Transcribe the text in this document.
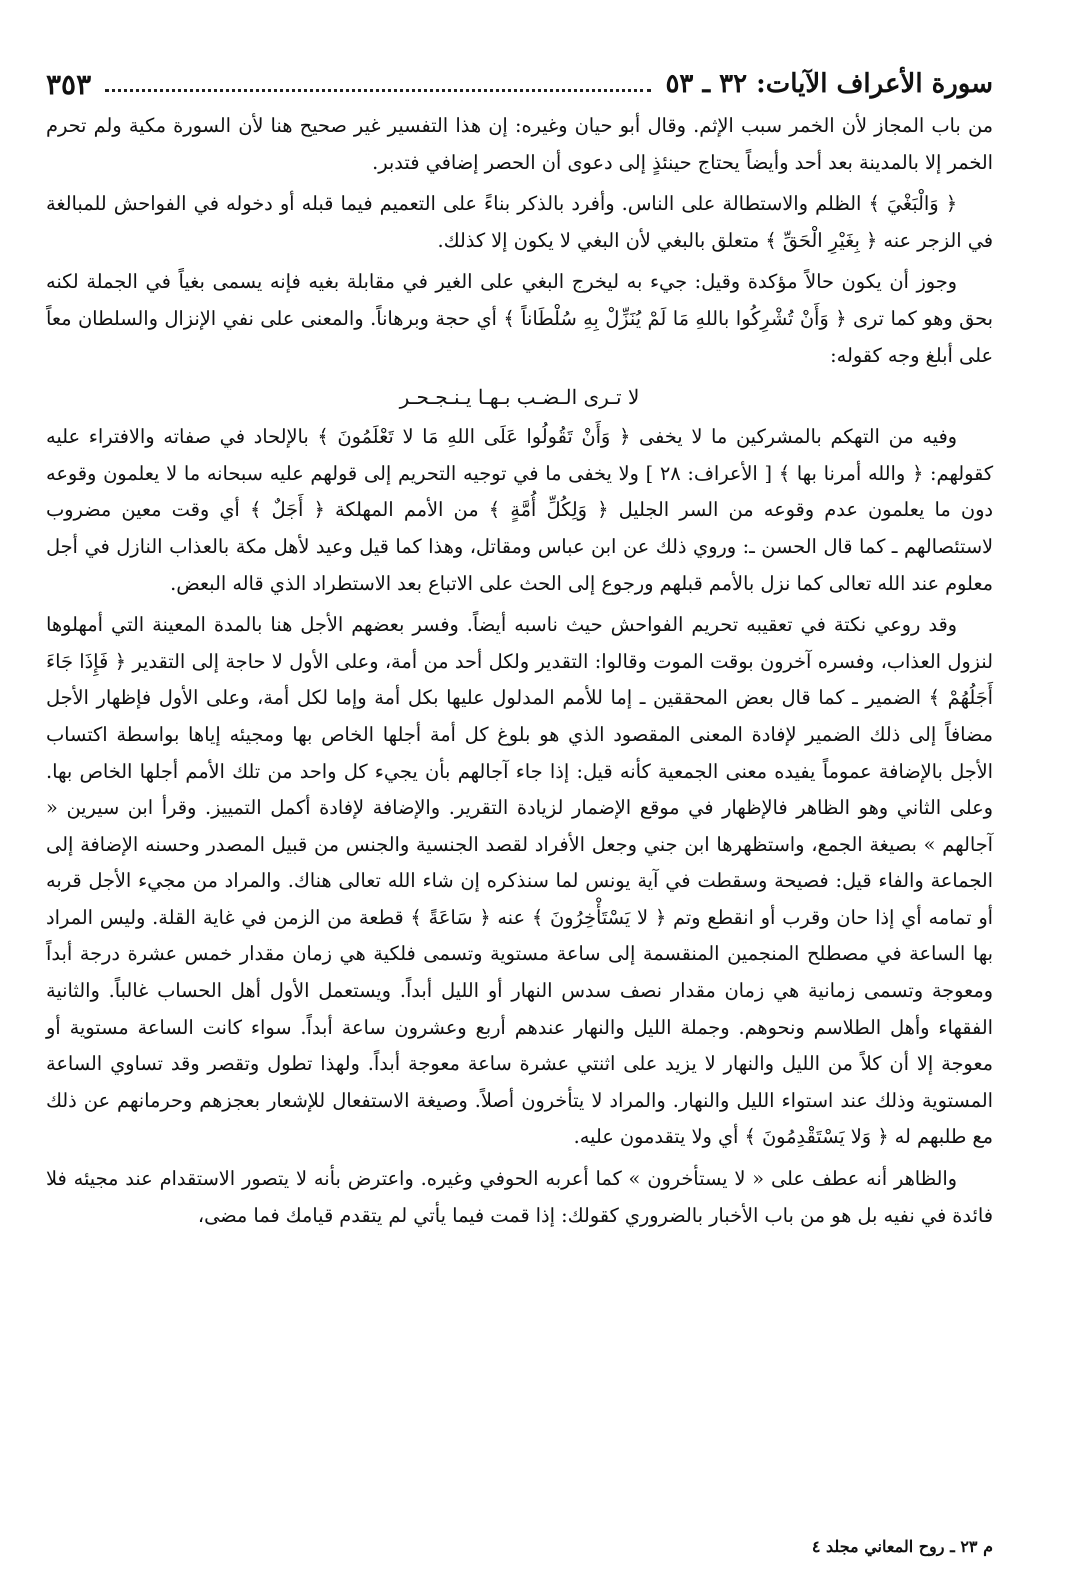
سورة الأعراف الآيات: ٣٢ ـ ٥٣
٣٥٣

من باب المجاز لأن الخمر سبب الإثم. وقال أبو حيان وغيره: إن هذا التفسير غير صحيح هنا لأن السورة مكية ولم تحرم الخمر إلا بالمدينة بعد أحد وأيضاً يحتاج حينئذٍ إلى دعوى أن الحصر إضافي فتدبر.

﴿ وَالْبَغْيَ ﴾ الظلم والاستطالة على الناس. وأفرد بالذكر بناءً على التعميم فيما قبله أو دخوله في الفواحش للمبالغة في الزجر عنه ﴿ بِغَيْرِ الْحَقِّ ﴾ متعلق بالبغي لأن البغي لا يكون إلا كذلك.

وجوز أن يكون حالاً مؤكدة وقيل: جيء به ليخرج البغي على الغير في مقابلة بغيه فإنه يسمى بغياً في الجملة لكنه بحق وهو كما ترى ﴿ وَأَنْ تُشْرِكُوا باللهِ مَا لَمْ يُنَزِّلْ بِهِ سُلْطَاناً ﴾ أي حجة وبرهاناً. والمعنى على نفي الإنزال والسلطان معاً على أبلغ وجه كقوله:

لا تـرى الـضـب بـهـا يـنـجـحـر

وفيه من التهكم بالمشركين ما لا يخفى ﴿ وَأَنْ تَقُولُوا عَلَى اللهِ مَا لا تَعْلَمُونَ ﴾ بالإلحاد في صفاته والافتراء عليه كقولهم: ﴿ والله أمرنا بها ﴾ [ الأعراف: ٢٨ ] ولا يخفى ما في توجيه التحريم إلى قولهم عليه سبحانه ما لا يعلمون وقوعه دون ما يعلمون عدم وقوعه من السر الجليل ﴿ وَلِكُلِّ أُمَّةٍ ﴾ من الأمم المهلكة ﴿ أَجَلٌ ﴾ أي وقت معين مضروب لاستئصالهم ـ كما قال الحسن ـ: وروي ذلك عن ابن عباس ومقاتل، وهذا كما قيل وعيد لأهل مكة بالعذاب النازل في أجل معلوم عند الله تعالى كما نزل بالأمم قبلهم ورجوع إلى الحث على الاتباع بعد الاستطراد الذي قاله البعض.

وقد روعي نكتة في تعقيبه تحريم الفواحش حيث ناسبه أيضاً. وفسر بعضهم الأجل هنا بالمدة المعينة التي أمهلوها لنزول العذاب، وفسره آخرون بوقت الموت وقالوا: التقدير ولكل أحد من أمة، وعلى الأول لا حاجة إلى التقدير ﴿ فَإِذَا جَاءَ أَجَلُهُمْ ﴾ الضمير ـ كما قال بعض المحققين ـ إما للأمم المدلول عليها بكل أمة وإما لكل أمة، وعلى الأول فإظهار الأجل مضافاً إلى ذلك الضمير لإفادة المعنى المقصود الذي هو بلوغ كل أمة أجلها الخاص بها ومجيئه إياها بواسطة اكتساب الأجل بالإضافة عموماً يفيده معنى الجمعية كأنه قيل: إذا جاء آجالهم بأن يجيء كل واحد من تلك الأمم أجلها الخاص بها. وعلى الثاني وهو الظاهر فالإظهار في موقع الإضمار لزيادة التقرير. والإضافة لإفادة أكمل التمييز. وقرأ ابن سيرين « آجالهم » بصيغة الجمع، واستظهرها ابن جني وجعل الأفراد لقصد الجنسية والجنس من قبيل المصدر وحسنه الإضافة إلى الجماعة والفاء قيل: فصيحة وسقطت في آية يونس لما سنذكره إن شاء الله تعالى هناك. والمراد من مجيء الأجل قربه أو تمامه أي إذا حان وقرب أو انقطع وتم ﴿ لا يَسْتَأْخِرُونَ ﴾ عنه ﴿ سَاعَةً ﴾ قطعة من الزمن في غاية القلة. وليس المراد بها الساعة في مصطلح المنجمين المنقسمة إلى ساعة مستوية وتسمى فلكية هي زمان مقدار خمس عشرة درجة أبداً ومعوجة وتسمى زمانية هي زمان مقدار نصف سدس النهار أو الليل أبداً. ويستعمل الأول أهل الحساب غالباً. والثانية الفقهاء وأهل الطلاسم ونحوهم. وجملة الليل والنهار عندهم أربع وعشرون ساعة أبداً. سواء كانت الساعة مستوية أو معوجة إلا أن كلاً من الليل والنهار لا يزيد على اثنتي عشرة ساعة معوجة أبداً. ولهذا تطول وتقصر وقد تساوي الساعة المستوية وذلك عند استواء الليل والنهار. والمراد لا يتأخرون أصلاً. وصيغة الاستفعال للإشعار بعجزهم وحرمانهم عن ذلك مع طلبهم له ﴿ وَلا يَسْتَقْدِمُونَ ﴾ أي ولا يتقدمون عليه.

والظاهر أنه عطف على « لا يستأخرون » كما أعربه الحوفي وغيره. واعترض بأنه لا يتصور الاستقدام عند مجيئه فلا فائدة في نفيه بل هو من باب الأخبار بالضروري كقولك: إذا قمت فيما يأتي لم يتقدم قيامك فما مضى،

م ٢٣ ـ روح المعاني مجلد ٤
